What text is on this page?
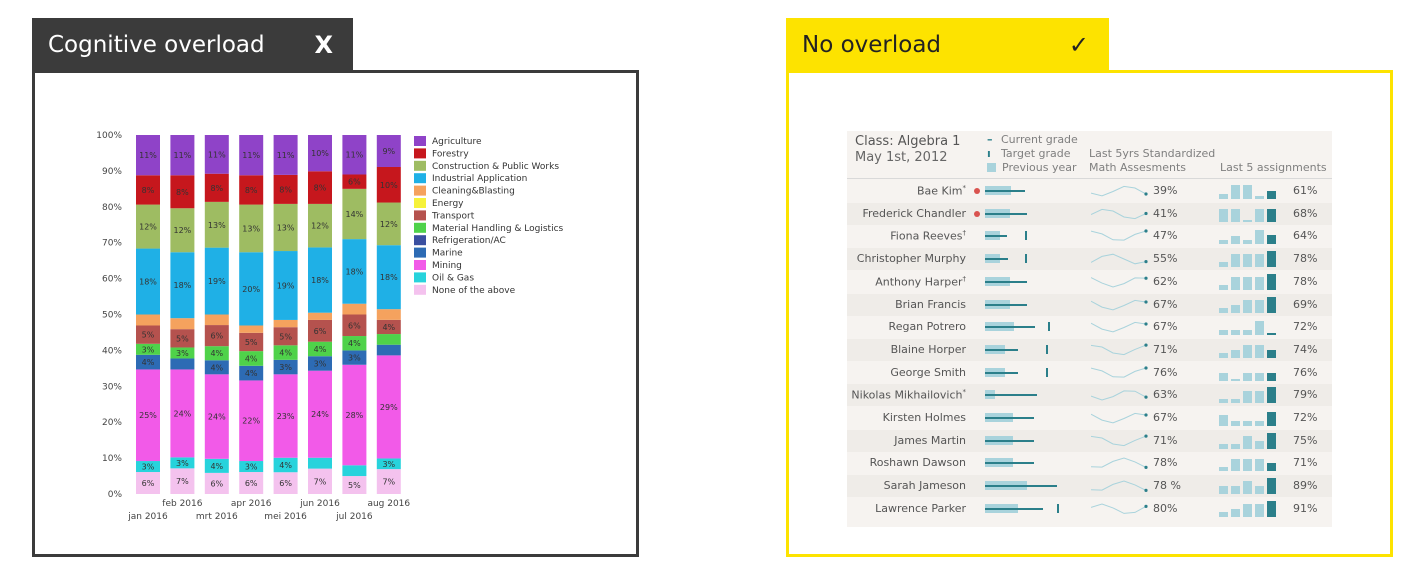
Cognitive overload X	No overload	✓
0%
10%
20%
30%
40%
50%
60%
70%
80%
90%
100%
6%
3%
25%
4%
3%
5%
18%
12%
8%
11%
jan 2016
7%
3%
24%
3%
5%
18%
12%
8%
11%
feb 2016
6%
4%
24%
4%
4%
6%
19%
13%
8%
11%
mrt 2016
6%
3%
22%
4%
4%
5%
20%
13%
8%
11%
apr 2016
6%
4%
23%
3%
4%
5%
19%
13%
8%
11%
mei 2016
7%
24%
3%
4%
6%
18%
12%
8%
10%
jun 2016
5%
28%
3%
4%
6%
18%
14%
6%
11%
jul 2016
7%
3%
29%
4%
18%
12%
10%
9%
aug 2016
Agriculture
Forestry
Construction & Public Works
Industrial Application
Cleaning&Blasting
Energy
Transport
Material Handling & Logistics
Refrigeration/AC
Marine
Mining
Oil & Gas
None of the above
Class: Algebra 1
May 1st, 2012
– Current grade
ı Target grade
Previous year
Last 5yrs Standardized
Math Assesments	Last 5 assignments
Bae Kim*	39%	61%
Frederick Chandler	41%	68%
Fiona Reeves†	47%	64%
Christopher Murphy	55%	78%
Anthony Harper†	62%	78%
Brian Francis	67%	69%
Regan Potrero	67%	72%
Blaine Horper	71%	74%
George Smith	76%	76%
Nikolas Mikhailovich*	63%	79%
Kirsten Holmes	67%	72%
James Martin	71%	75%
Roshawn Dawson	78%	71%
Sarah Jameson	78 %	89%
Lawrence Parker	80%	91%
